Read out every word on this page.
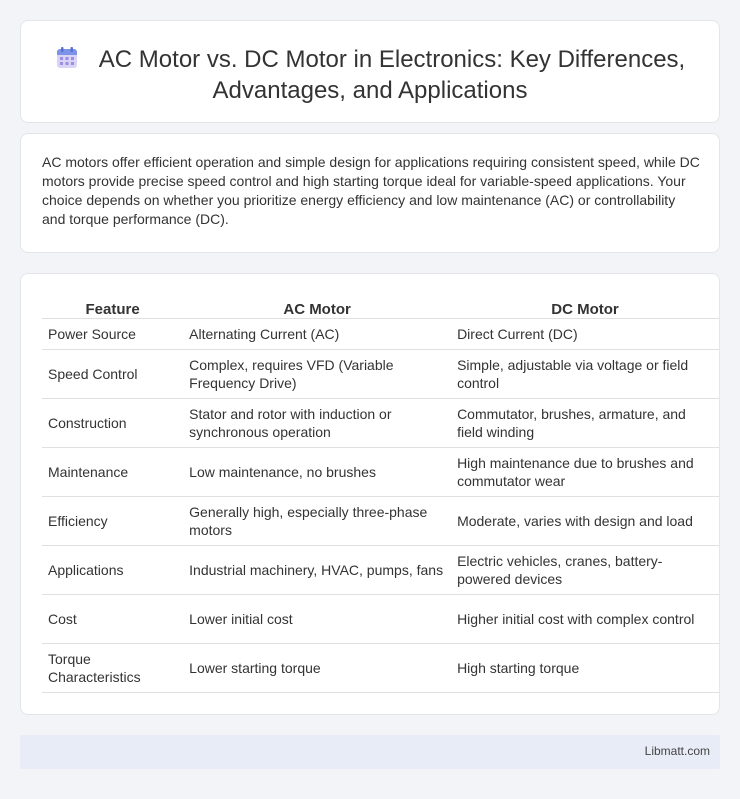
AC Motor vs. DC Motor in Electronics: Key Differences,
Advantages, and Applications

AC motors offer efficient operation and simple design for applications requiring consistent speed, while DC motors provide precise speed control and high starting torque ideal for variable-speed applications. Your choice depends on whether you prioritize energy efficiency and low maintenance (AC) or controllability and torque performance (DC).

Feature	AC Motor	DC Motor
Power Source	Alternating Current (AC)	Direct Current (DC)
Speed Control	Complex, requires VFD (Variable Frequency Drive)	Simple, adjustable via voltage or field control
Construction	Stator and rotor with induction or synchronous operation	Commutator, brushes, armature, and field winding
Maintenance	Low maintenance, no brushes	High maintenance due to brushes and commutator wear
Efficiency	Generally high, especially three-phase motors	Moderate, varies with design and load
Applications	Industrial machinery, HVAC, pumps, fans	Electric vehicles, cranes, battery-powered devices
Cost	Lower initial cost	Higher initial cost with complex control
Torque Characteristics	Lower starting torque	High starting torque
Libmatt.com
